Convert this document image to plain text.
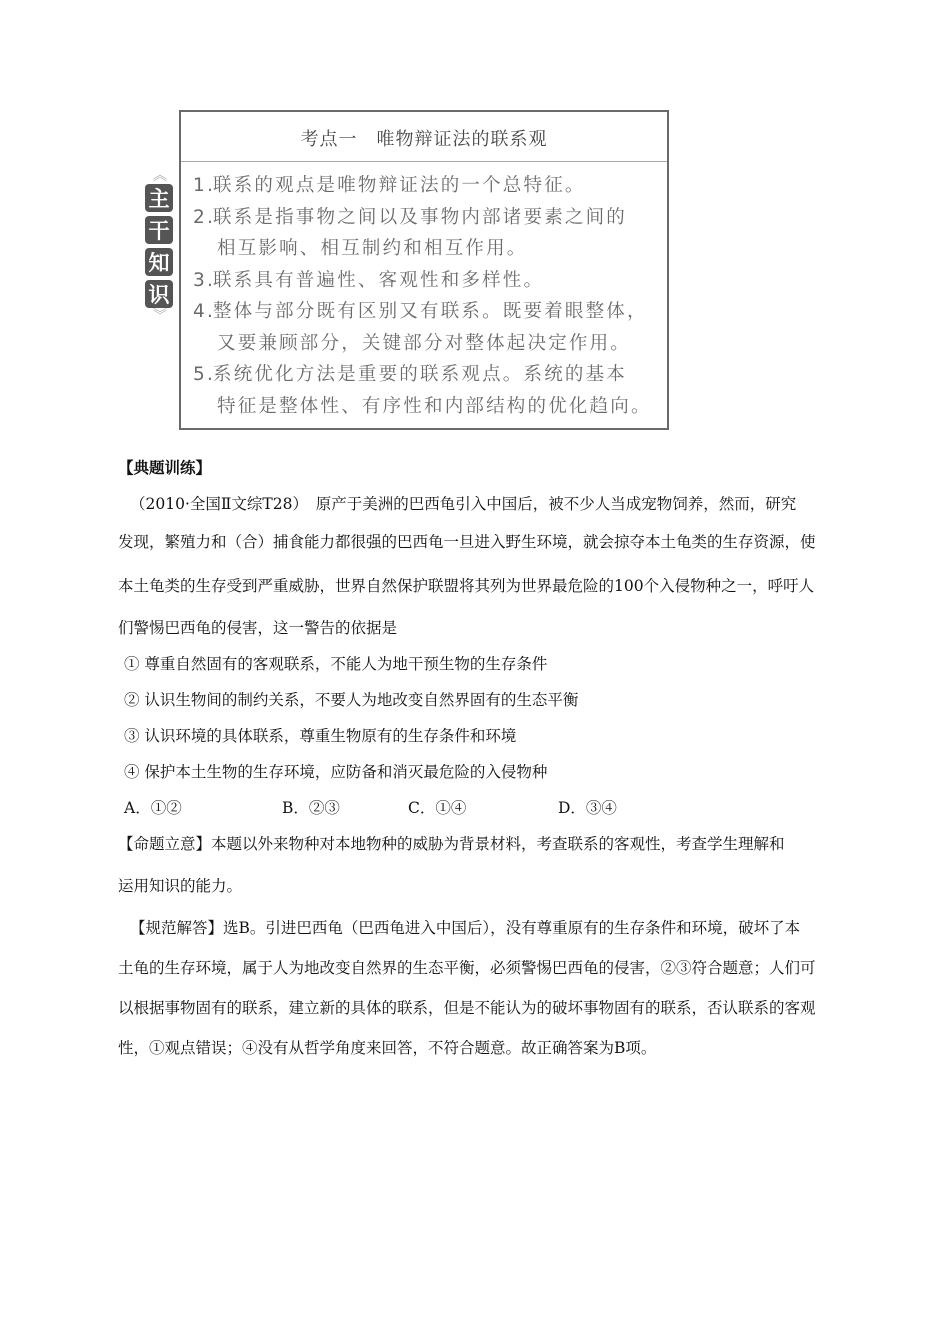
︽
主
干
知
识
︾
考点一　唯物辩证法的联系观
1.联系的观点是唯物辩证法的一个总特征。
2.联系是指事物之间以及事物内部诸要素之间的
相互影响、相互制约和相互作用。
3.联系具有普遍性、客观性和多样性。
4.整体与部分既有区别又有联系。既要着眼整体，
又要兼顾部分，关键部分对整体起决定作用。
5.系统优化方法是重要的联系观点。系统的基本
特征是整体性、有序性和内部结构的优化趋向。
【典题训练】
（2010·全国Ⅱ文综T28）　原产于美洲的巴西龟引入中国后，被不少人当成宠物饲养，然而，研究
发现，繁殖力和（合）捕食能力都很强的巴西龟一旦进入野生环境，就会掠夺本土龟类的生存资源，使
本土龟类的生存受到严重威胁，世界自然保护联盟将其列为世界最危险的100个入侵物种之一，呼吁人
们警惕巴西龟的侵害，这一警告的依据是
① 尊重自然固有的客观联系，不能人为地干预生物的生存条件
② 认识生物间的制约关系，不要人为地改变自然界固有的生态平衡
③ 认识环境的具体联系，尊重生物原有的生存条件和环境
④ 保护本土生物的生存环境，应防备和消灭最危险的入侵物种
A．①②	B．②③	C．①④	D．③④
【命题立意】本题以外来物种对本地物种的威胁为背景材料，考查联系的客观性，考查学生理解和
运用知识的能力。
【规范解答】选B。引进巴西龟（巴西龟进入中国后），没有尊重原有的生存条件和环境，破坏了本
土龟的生存环境，属于人为地改变自然界的生态平衡，必须警惕巴西龟的侵害，②③符合题意；人们可
以根据事物固有的联系，建立新的具体的联系，但是不能认为的破坏事物固有的联系，否认联系的客观
性，①观点错误；④没有从哲学角度来回答，不符合题意。故正确答案为B项。
